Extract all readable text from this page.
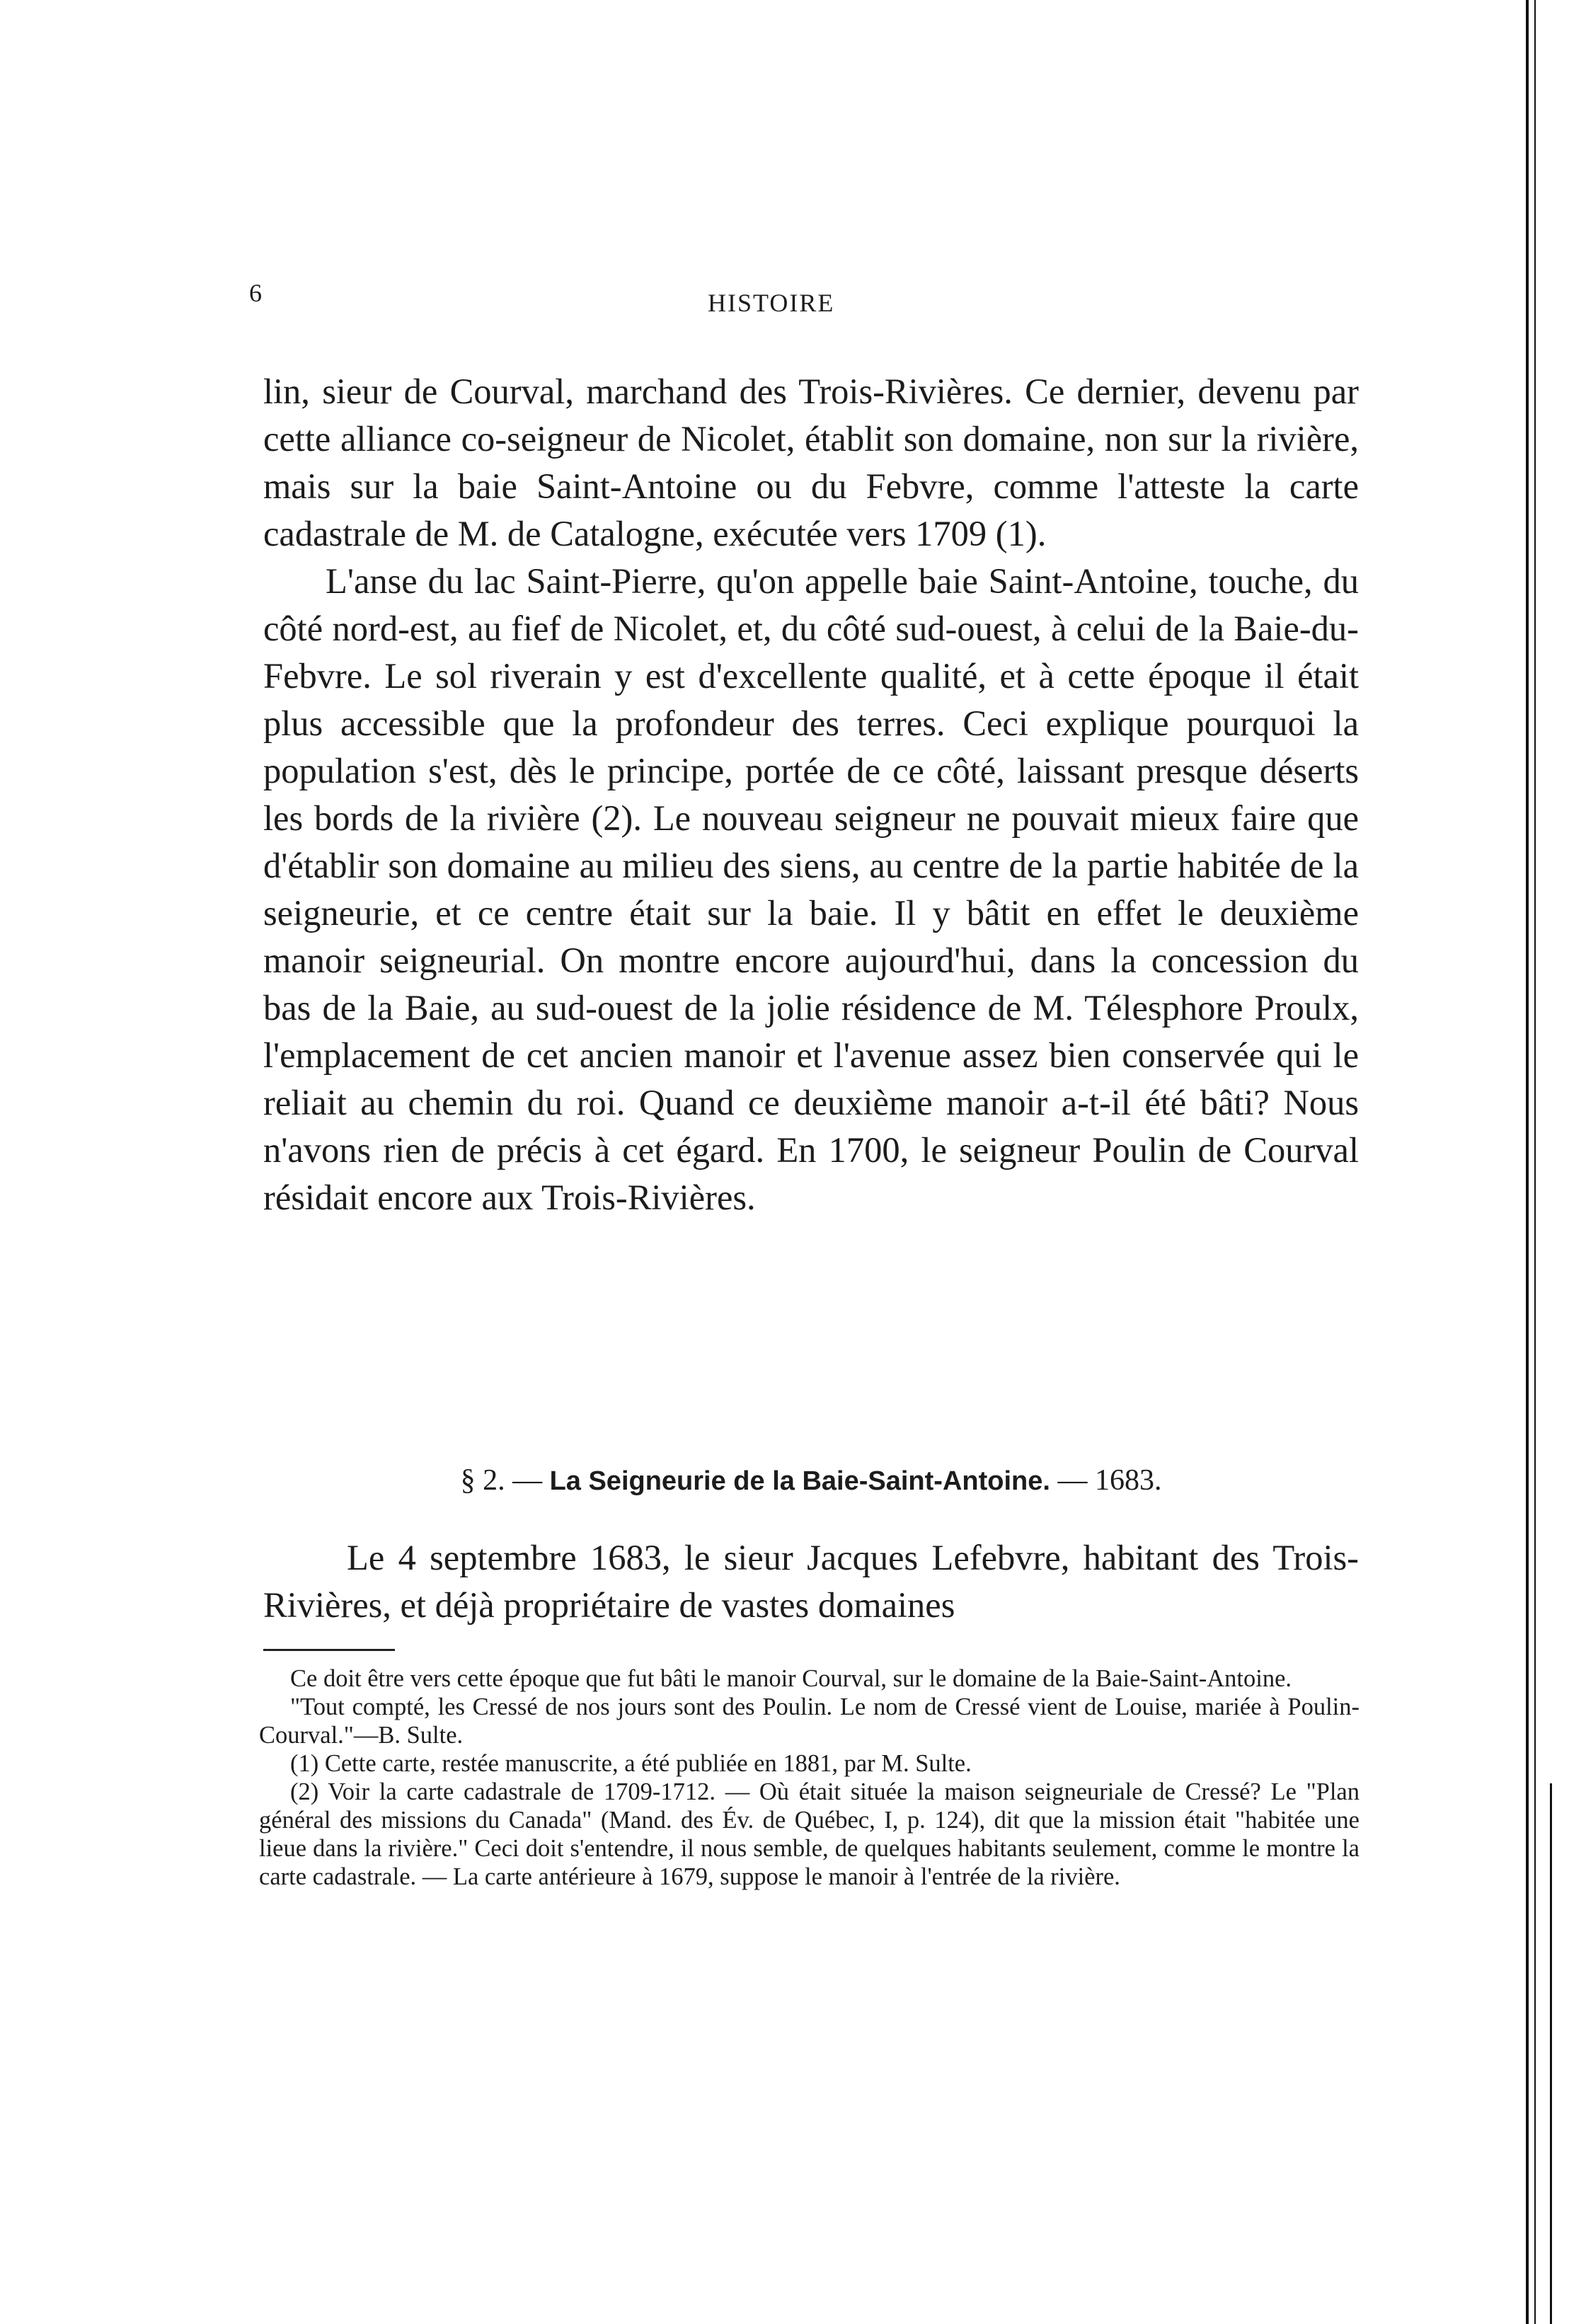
6	HISTOIRE

lin, sieur de Courval, marchand des Trois-Rivières. Ce dernier, devenu par cette alliance co-seigneur de Nicolet, établit son domaine, non sur la rivière, mais sur la baie Saint-Antoine ou du Febvre, comme l'atteste la carte cadastrale de M. de Catalogne, exécutée vers 1709 (1).

L'anse du lac Saint-Pierre, qu'on appelle baie Saint-Antoine, touche, du côté nord-est, au fief de Nicolet, et, du côté sud-ouest, à celui de la Baie-du-Febvre. Le sol riverain y est d'excellente qualité, et à cette époque il était plus accessible que la profondeur des terres. Ceci explique pourquoi la population s'est, dès le principe, portée de ce côté, laissant presque déserts les bords de la rivière (2). Le nouveau seigneur ne pouvait mieux faire que d'établir son domaine au milieu des siens, au centre de la partie habitée de la seigneurie, et ce centre était sur la baie. Il y bâtit en effet le deuxième manoir seigneurial. On montre encore aujourd'hui, dans la concession du bas de la Baie, au sud-ouest de la jolie résidence de M. Télesphore Proulx, l'emplacement de cet ancien manoir et l'avenue assez bien conservée qui le reliait au chemin du roi. Quand ce deuxième manoir a-t-il été bâti? Nous n'avons rien de précis à cet égard. En 1700, le seigneur Poulin de Courval résidait encore aux Trois-Rivières.

§ 2. — La Seigneurie de la Baie-Saint-Antoine. — 1683.

Le 4 septembre 1683, le sieur Jacques Lefebvre, habitant des Trois-Rivières, et déjà propriétaire de vastes domaines

Ce doit être vers cette époque que fut bâti le manoir Courval, sur le domaine de la Baie-Saint-Antoine.

"Tout compté, les Cressé de nos jours sont des Poulin. Le nom de Cressé vient de Louise, mariée à Poulin-Courval."—B. Sulte.

(1) Cette carte, restée manuscrite, a été publiée en 1881, par M. Sulte.

(2) Voir la carte cadastrale de 1709-1712. — Où était située la maison seigneuriale de Cressé? Le "Plan général des missions du Canada" (Mand. des Év. de Québec, I, p. 124), dit que la mission était "habitée une lieue dans la rivière." Ceci doit s'entendre, il nous semble, de quelques habitants seulement, comme le montre la carte cadastrale. — La carte antérieure à 1679, suppose le manoir à l'entrée de la rivière.
